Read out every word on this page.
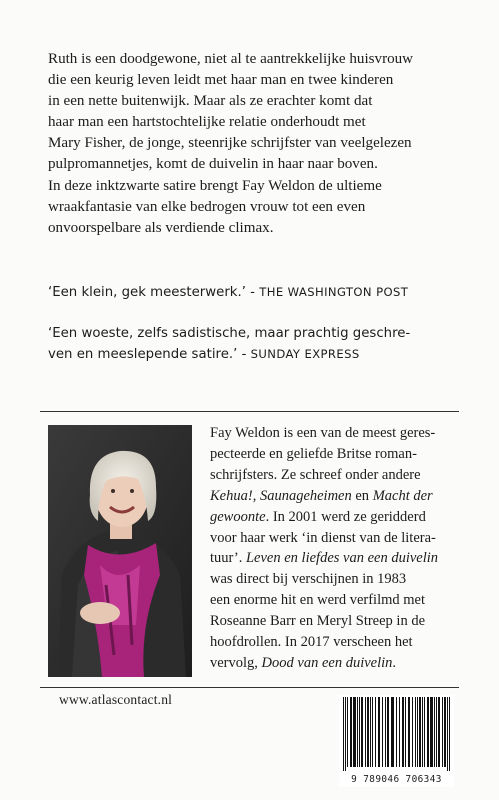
Ruth is een doodgewone, niet al te aantrekkelijke huisvrouw

die een keurig leven leidt met haar man en twee kinderen

in een nette buitenwijk. Maar als ze erachter komt dat

haar man een hartstochtelijke relatie onderhoudt met

Mary Fisher, de jonge, steenrijke schrijfster van veelgelezen

pulpromannetjes, komt de duivelin in haar naar boven.

In deze inktzwarte satire brengt Fay Weldon de ultieme

wraakfantasie van elke bedrogen vrouw tot een even

onvoorspelbare als verdiende climax.

‘Een klein, gek meesterwerk.’ - THE WASHINGTON POST
‘Een woeste, zelfs sadistische, maar prachtig geschre-
ven en meeslepende satire.’ - SUNDAY EXPRESS
Fay Weldon is een van de meest geres-
pecteerde en geliefde Britse roman-
schrijfsters. Ze schreef onder andere
Kehua!, Saunageheimen en Macht der
gewoonte. In 2001 werd ze geridderd
voor haar werk ‘in dienst van de litera-
tuur’. Leven en liefdes van een duivelin
was direct bij verschijnen in 1983
een enorme hit en werd verfilmd met
Roseanne Barr en Meryl Streep in de
hoofdrollen. In 2017 verscheen het
vervolg, Dood van een duivelin.
www.atlascontact.nl
9 789046 706343
